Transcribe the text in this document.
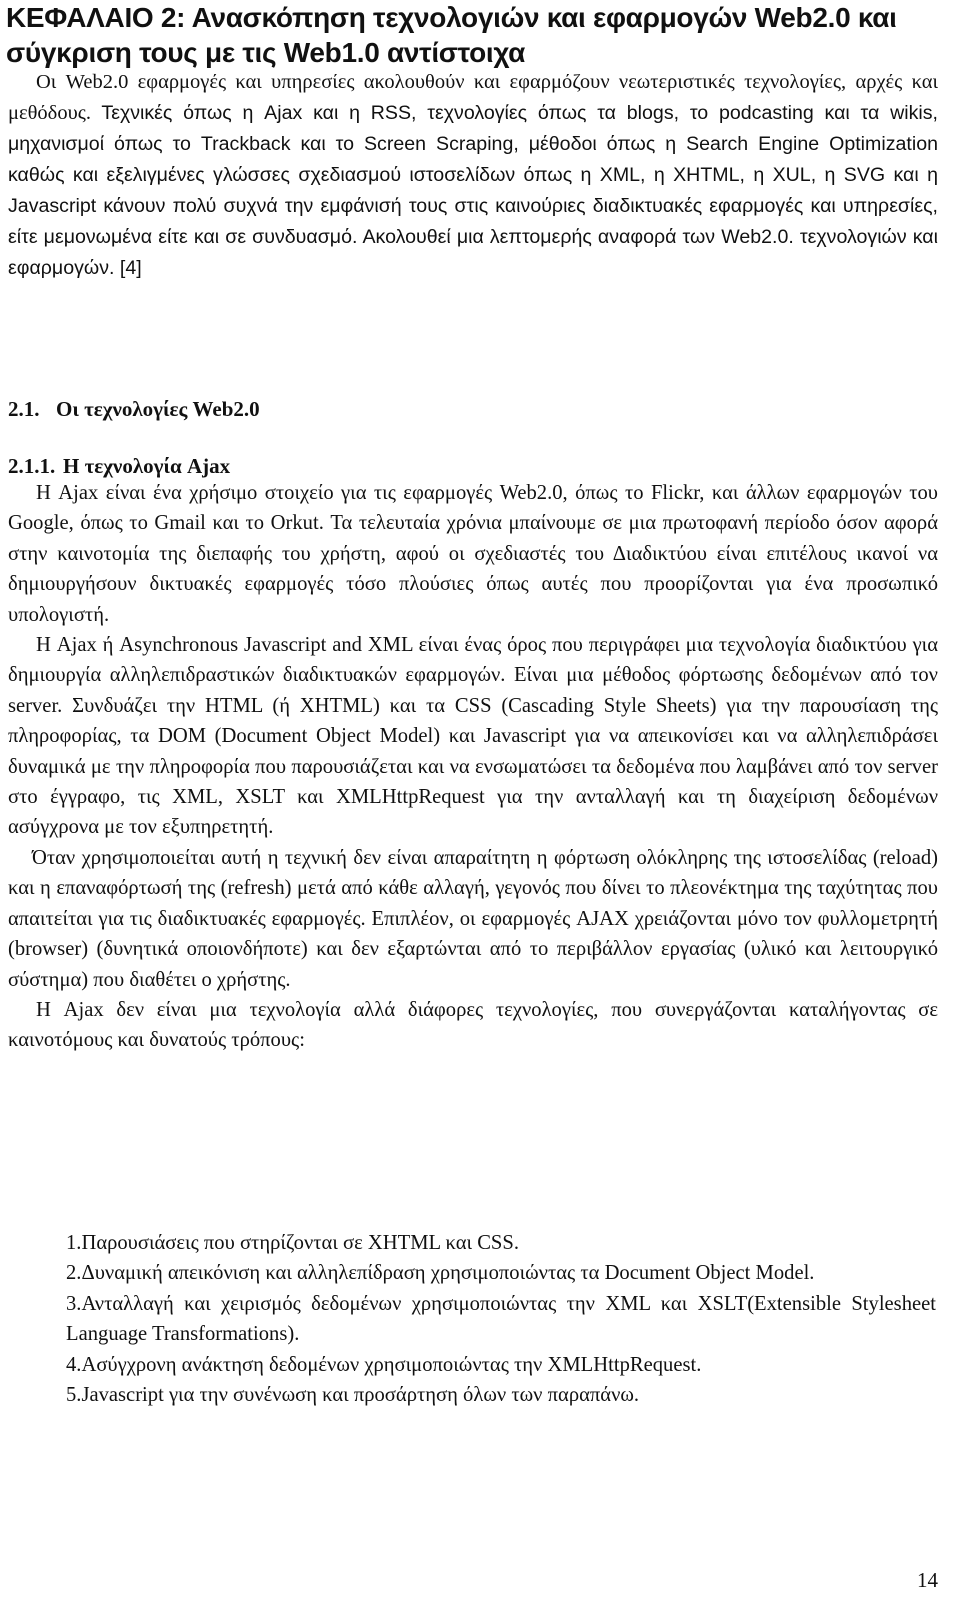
ΚΕΦΑΛΑΙΟ 2: Ανασκόπηση τεχνολογιών και εφαρμογών Web2.0 και σύγκριση τους με τις Web1.0 αντίστοιχα

Οι Web2.0 εφαρμογές και υπηρεσίες ακολουθούν και εφαρμόζουν νεωτεριστικές τεχνολογίες, αρχές και μεθόδους. Τεχνικές όπως η Ajax και η RSS, τεχνολογίες όπως τα blogs, το podcasting και τα wikis, μηχανισμοί όπως το Trackback και το Screen Scraping, μέθοδοι όπως η Search Engine Optimization καθώς και εξελιγμένες γλώσσες σχεδιασμού ιστοσελίδων όπως η XML, η XHTML, η XUL, η SVG και η Javascript κάνουν πολύ συχνά την εμφάνισή τους στις καινούριες διαδικτυακές εφαρμογές και υπηρεσίες, είτε μεμονωμένα είτε και σε συνδυασμό. Ακολουθεί μια λεπτομερής αναφορά των Web2.0. τεχνολογιών και εφαρμογών. [4]

2.1. Οι τεχνολογίες Web2.0
2.1.1. Η τεχνολογία Ajax

Η Ajax είναι ένα χρήσιμο στοιχείο για τις εφαρμογές Web2.0, όπως το Flickr, και άλλων εφαρμογών του Google, όπως το Gmail και το Orkut. Τα τελευταία χρόνια μπαίνουμε σε μια πρωτοφανή περίοδο όσον αφορά στην καινοτομία της διεπαφής του χρήστη, αφού οι σχεδιαστές του Διαδικτύου είναι επιτέλους ικανοί να δημιουργήσουν δικτυακές εφαρμογές τόσο πλούσιες όπως αυτές που προορίζονται για ένα προσωπικό υπολογιστή.

Η Ajax ή Asynchronous Javascript and XML είναι ένας όρος που περιγράφει μια τεχνολογία διαδικτύου για δημιουργία αλληλεπιδραστικών διαδικτυακών εφαρμογών. Είναι μια μέθοδος φόρτωσης δεδομένων από τον server. Συνδυάζει την HTML (ή XHTML) και τα CSS (Cascading Style Sheets) για την παρουσίαση της πληροφορίας, τα DOM (Document Object Model) και Javascript για να απεικονίσει και να αλληλεπιδράσει δυναμικά με την πληροφορία που παρουσιάζεται και να ενσωματώσει τα δεδομένα που λαμβάνει από τον server στο έγγραφο, τις XML, XSLT και XMLHttpRequest για την ανταλλαγή και τη διαχείριση δεδομένων ασύγχρονα με τον εξυπηρετητή.

Όταν χρησιμοποιείται αυτή η τεχνική δεν είναι απαραίτητη η φόρτωση ολόκληρης της ιστοσελίδας (reload) και η επαναφόρτωσή της (refresh) μετά από κάθε αλλαγή, γεγονός που δίνει το πλεονέκτημα της ταχύτητας που απαιτείται για τις διαδικτυακές εφαρμογές. Επιπλέον, οι εφαρμογές AJAX χρειάζονται μόνο τον φυλλομετρητή (browser) (δυνητικά οποιονδήποτε) και δεν εξαρτώνται από το περιβάλλον εργασίας (υλικό και λειτουργικό σύστημα) που διαθέτει ο χρήστης.

Η Ajax δεν είναι μια τεχνολογία αλλά διάφορες τεχνολογίες, που συνεργάζονται καταλήγοντας σε καινοτόμους και δυνατούς τρόπους:

1.Παρουσιάσεις που στηρίζονται σε XHTML και CSS.
2.Δυναμική απεικόνιση και αλληλεπίδραση χρησιμοποιώντας τα Document Object Model.
3.Ανταλλαγή και χειρισμός δεδομένων χρησιμοποιώντας την XML και XSLT(Extensible Stylesheet Language Transformations).
4.Ασύγχρονη ανάκτηση δεδομένων χρησιμοποιώντας την XMLHttpRequest.
5.Javascript για την συνένωση και προσάρτηση όλων των παραπάνω.
14
